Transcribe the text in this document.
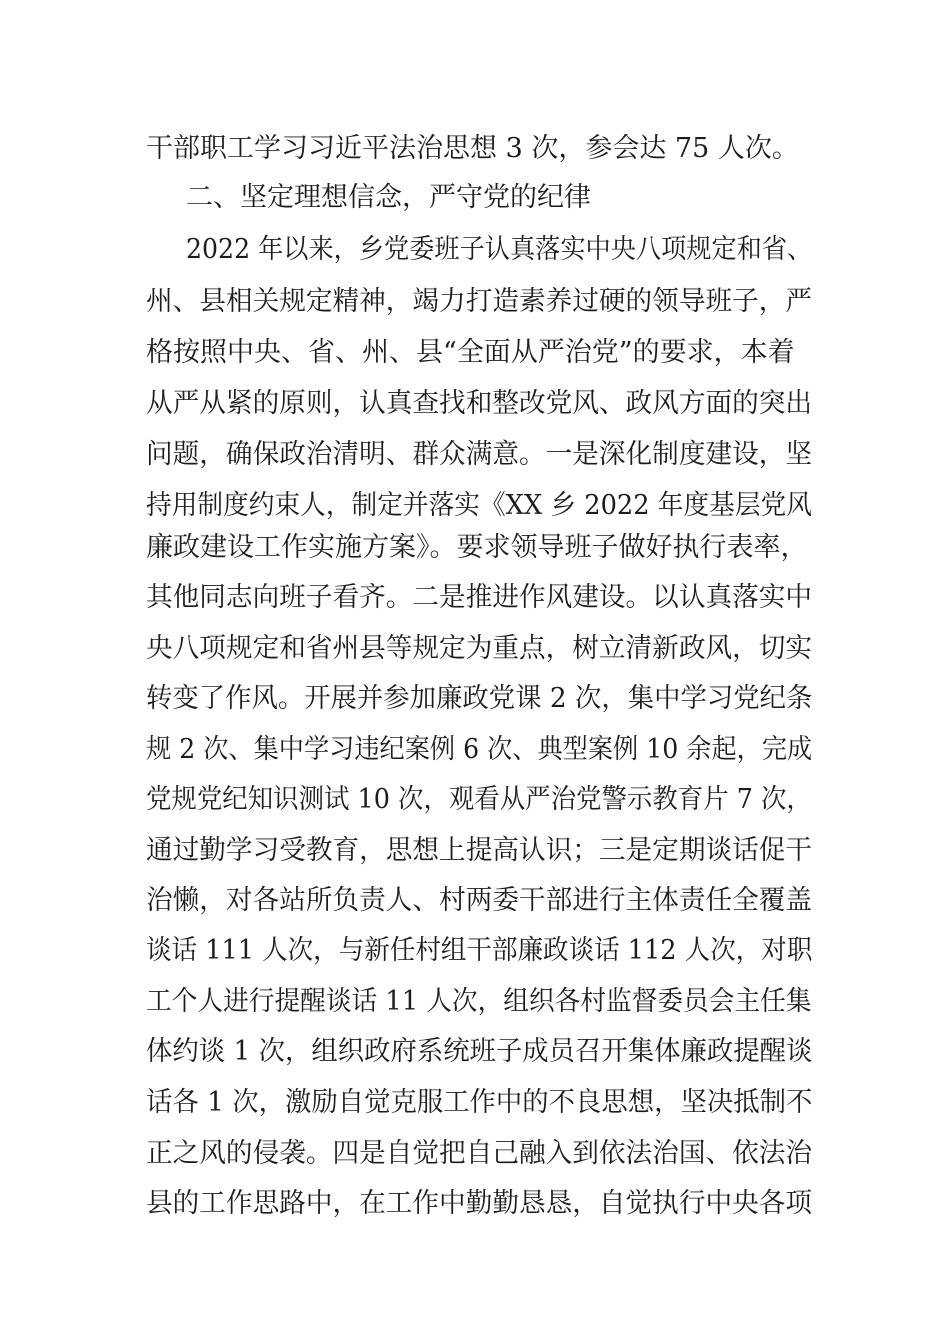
干部职工学习习近平法治思想 3 次，参会达 75 人次。
二、坚定理想信念，严守党的纪律
2022 年以来，乡党委班子认真落实中央八项规定和省、
州、县相关规定精神，竭力打造素养过硬的领导班子，严
格按照中央、省、州、县“全面从严治党”的要求，本着
从严从紧的原则，认真查找和整改党风、政风方面的突出
问题，确保政治清明、群众满意。一是深化制度建设，坚
持用制度约束人，制定并落实《XX 乡 2022 年度基层党风
廉政建设工作实施方案》。要求领导班子做好执行表率，
其他同志向班子看齐。二是推进作风建设。以认真落实中
央八项规定和省州县等规定为重点，树立清新政风，切实
转变了作风。开展并参加廉政党课 2 次，集中学习党纪条
规 2 次、集中学习违纪案例 6 次、典型案例 10 余起，完成
党规党纪知识测试 10 次，观看从严治党警示教育片 7 次，
通过勤学习受教育，思想上提高认识；三是定期谈话促干
治懒，对各站所负责人、村两委干部进行主体责任全覆盖
谈话 111 人次，与新任村组干部廉政谈话 112 人次，对职
工个人进行提醒谈话 11 人次，组织各村监督委员会主任集
体约谈 1 次，组织政府系统班子成员召开集体廉政提醒谈
话各 1 次，激励自觉克服工作中的不良思想，坚决抵制不
正之风的侵袭。四是自觉把自己融入到依法治国、依法治
县的工作思路中，在工作中勤勤恳恳，自觉执行中央各项
